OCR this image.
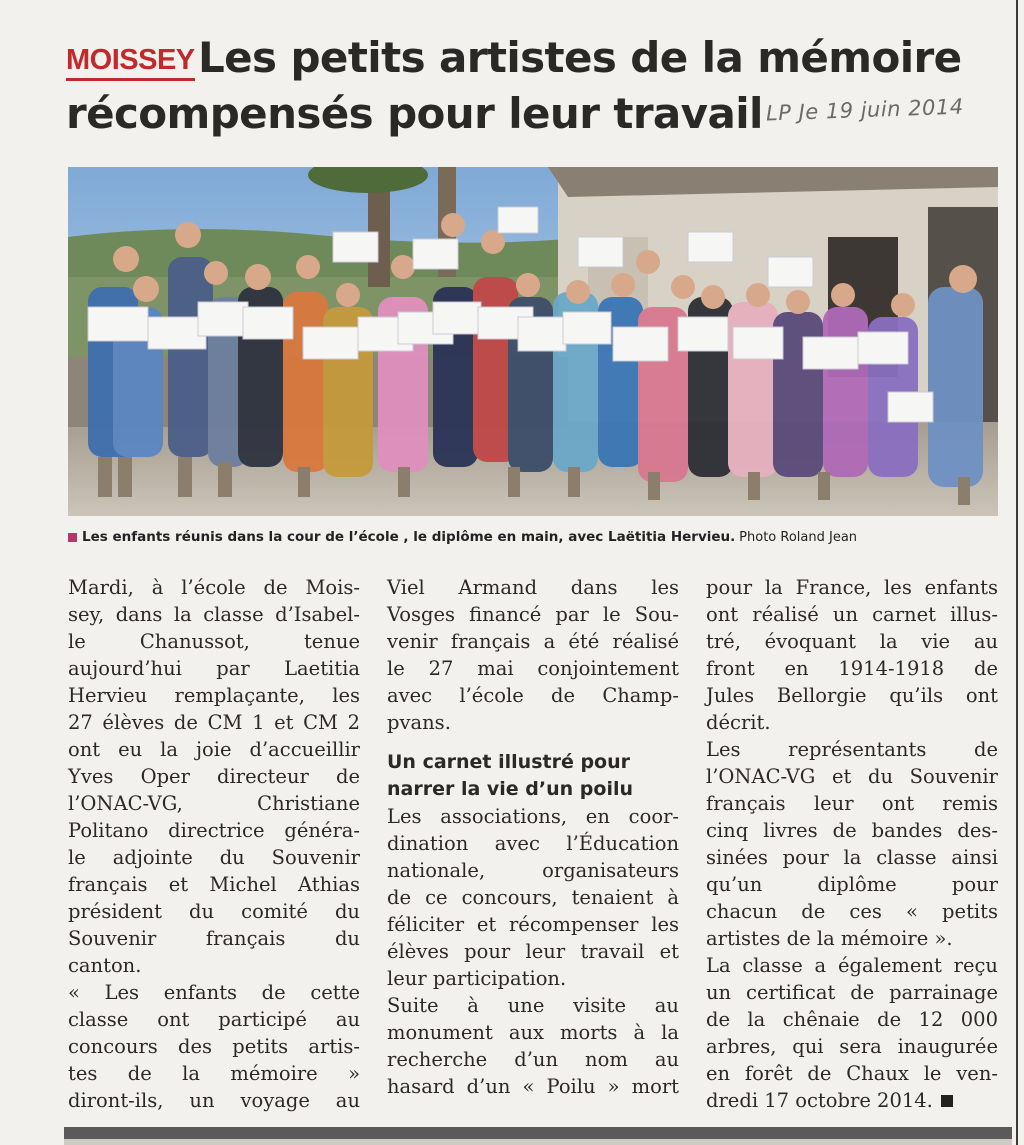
Les petits artistes de la mémoire
récompensés pour leur travail
MOISSEY
LP Je 19 juin 2014
Les enfants réunis dans la cour de l’école , le diplôme en main, avec Laëtitia Hervieu. Photo Roland Jean
Mardi, à l’école de Mois-
sey, dans la classe d’Isabel-
le Chanussot, tenue
aujourd’hui par Laetitia
Hervieu remplaçante, les
27 élèves de CM 1 et CM 2
ont eu la joie d’accueillir
Yves Oper directeur de
l’ONAC-VG, Christiane
Politano directrice généra-
le adjointe du Souvenir
français et Michel Athias
président du comité du
Souvenir français du
canton.
« Les enfants de cette
classe ont participé au
concours des petits artis-
tes de la mémoire »
diront-ils, un voyage au
Viel Armand dans les
Vosges financé par le Sou-
venir français a été réalisé
le 27 mai conjointement
avec l’école de Champ-
pvans.
Un carnet illustré pour
narrer la vie d’un poilu
Les associations, en coor-
dination avec l’Éducation
nationale, organisateurs
de ce concours, tenaient à
féliciter et récompenser les
élèves pour leur travail et
leur participation.
Suite à une visite au
monument aux morts à la
recherche d’un nom au
hasard d’un « Poilu » mort
pour la France, les enfants
ont réalisé un carnet illus-
tré, évoquant la vie au
front en 1914-1918 de
Jules Bellorgie qu’ils ont
décrit.
Les représentants de
l’ONAC-VG et du Souvenir
français leur ont remis
cinq livres de bandes des-
sinées pour la classe ainsi
qu’un diplôme pour
chacun de ces « petits
artistes de la mémoire ».
La classe a également reçu
un certificat de parrainage
de la chênaie de 12 000
arbres, qui sera inaugurée
en forêt de Chaux le ven-
dredi 17 octobre 2014.
